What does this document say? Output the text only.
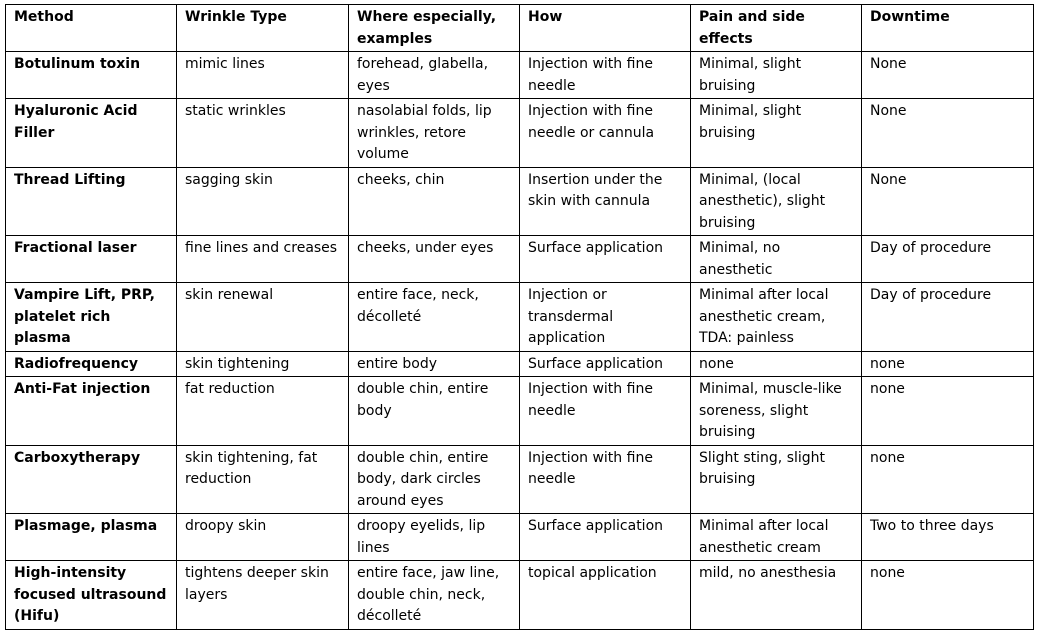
Method	Wrinkle Type	Where especially, examples	How	Pain and side effects	Downtime
Botulinum toxin	mimic lines	forehead, glabella, eyes	Injection with fine needle	Minimal, slight bruising	None
Hyaluronic Acid Filler	static wrinkles	nasolabial folds, lip wrinkles, retore volume	Injection with fine needle or cannula	Minimal, slight bruising	None
Thread Lifting	sagging skin	cheeks, chin	Insertion under the skin with cannula	Minimal, (local anesthetic), slight bruising	None
Fractional laser	fine lines and creases	cheeks, under eyes	Surface application	Minimal, no anesthetic	Day of procedure
Vampire Lift, PRP, platelet rich plasma	skin renewal	entire face, neck, décolleté	Injection or transdermal application	Minimal after local anesthetic cream, TDA: painless	Day of procedure
Radiofrequency	skin tightening	entire body	Surface application	none	none
Anti-Fat injection	fat reduction	double chin, entire body	Injection with fine needle	Minimal, muscle-like soreness, slight bruising	none
Carboxytherapy	skin tightening, fat reduction	double chin, entire body, dark circles around eyes	Injection with fine needle	Slight sting, slight bruising	none
Plasmage, plasma	droopy skin	droopy eyelids, lip lines	Surface application	Minimal after local anesthetic cream	Two to three days
High-intensity focused ultrasound (Hifu)	tightens deeper skin layers	entire face, jaw line, double chin, neck, décolleté	topical application	mild, no anesthesia	none
